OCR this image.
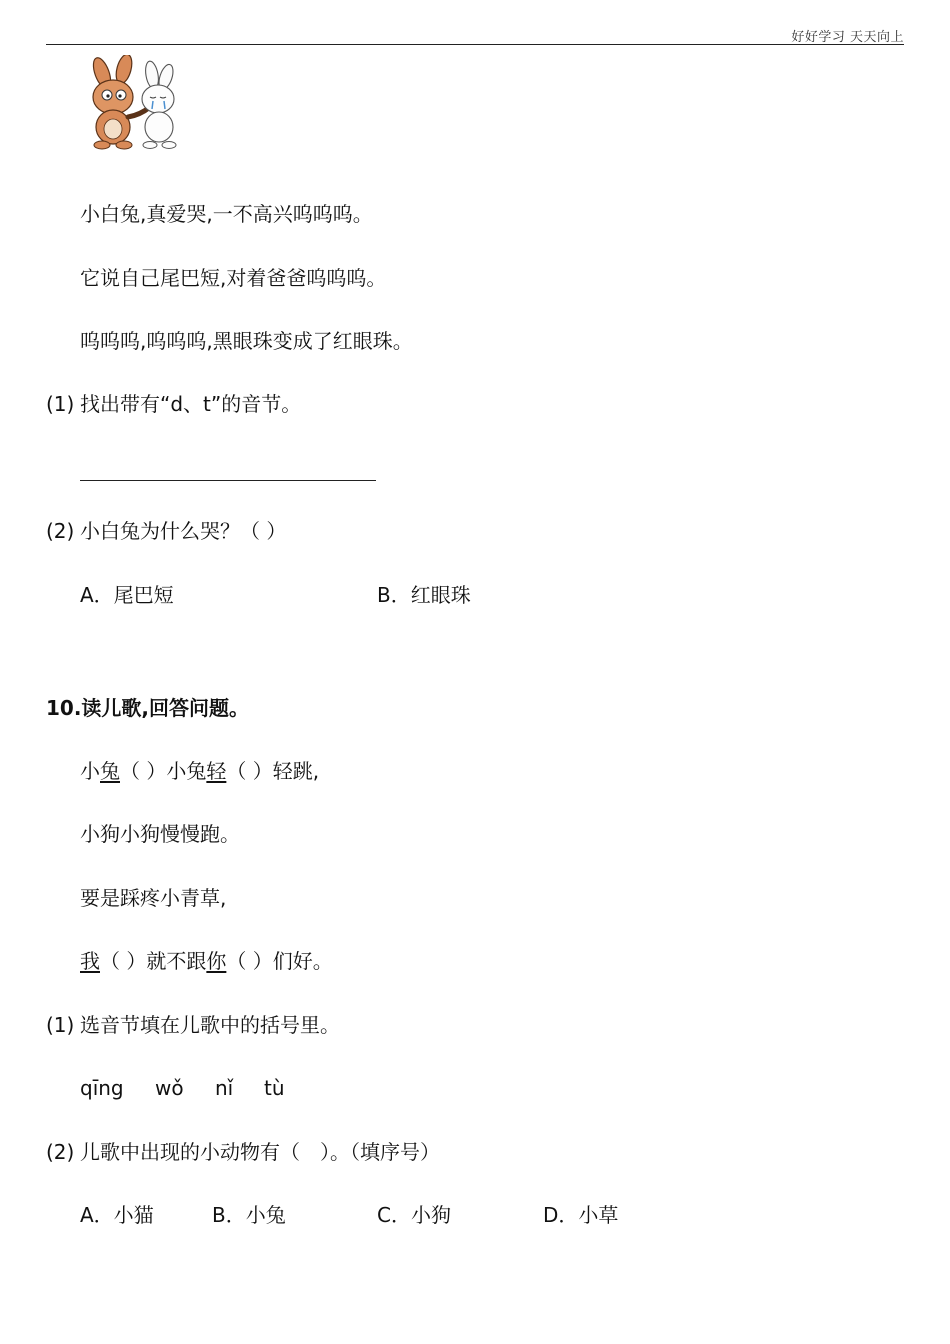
好好学习 天天向上
小白兔,真爱哭,一不高兴呜呜呜。
它说自己尾巴短,对着爸爸呜呜呜。
呜呜呜,呜呜呜,黑眼珠变成了红眼珠。
(1) 找出带有“d、t”的音节。
(2) 小白兔为什么哭？（ ）
A．尾巴短	B．红眼珠
10.读儿歌,回答问题。
小兔（ ）小兔轻（ ）轻跳,
小狗小狗慢慢跑。
要是踩疼小青草,
我（ ）就不跟你（ ）们好。
(1) 选音节填在儿歌中的括号里。
qīng wǒ nǐ tù
(2) 儿歌中出现的小动物有（　）。（填序号）
A．小猫	B．小兔	C．小狗	D．小草
